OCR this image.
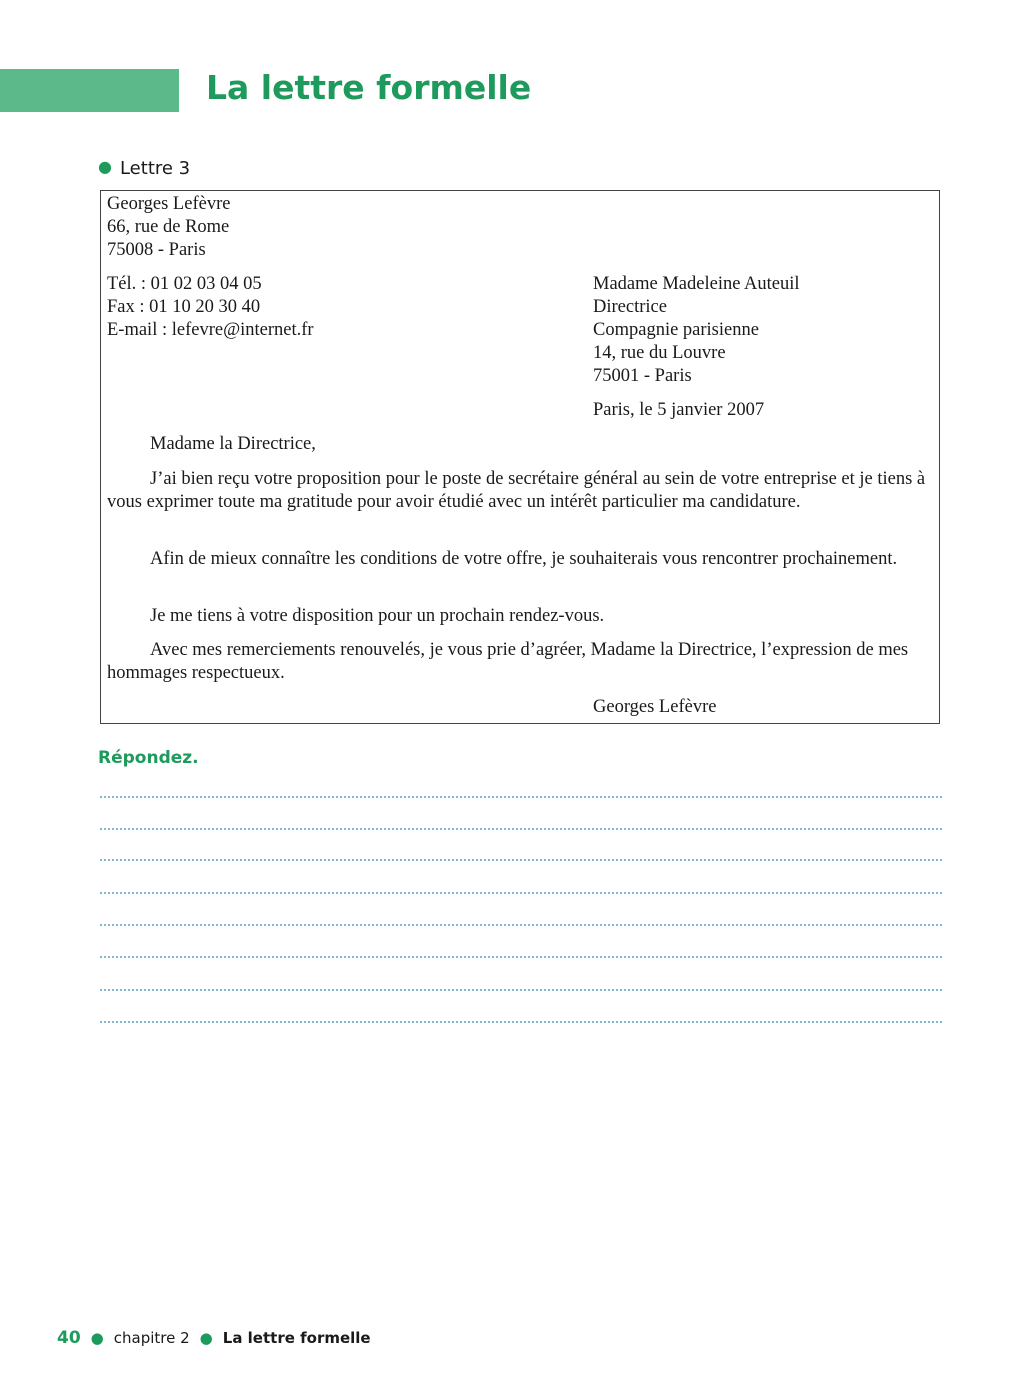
La lettre formelle
● Lettre 3
Georges Lefèvre
66, rue de Rome
75008 - Paris
Tél. : 01 02 03 04 05
Fax : 01 10 20 30 40
E-mail : lefevre@internet.fr
Madame Madeleine Auteuil
Directrice
Compagnie parisienne
14, rue du Louvre
75001 - Paris
Paris, le 5 janvier 2007
Madame la Directrice,
J’ai bien reçu votre proposition pour le poste de secrétaire général au sein de votre entreprise et je tiens à vous exprimer toute ma gratitude pour avoir étudié avec un intérêt particulier ma candidature.
Afin de mieux connaître les conditions de votre offre, je souhaiterais vous rencontrer prochainement.
Je me tiens à votre disposition pour un prochain rendez-vous.
Avec mes remerciements renouvelés, je vous prie d’agréer, Madame la Directrice, l’expression de mes hommages respectueux.
Georges Lefèvre
Répondez.
40 ● chapitre 2 ● La lettre formelle
